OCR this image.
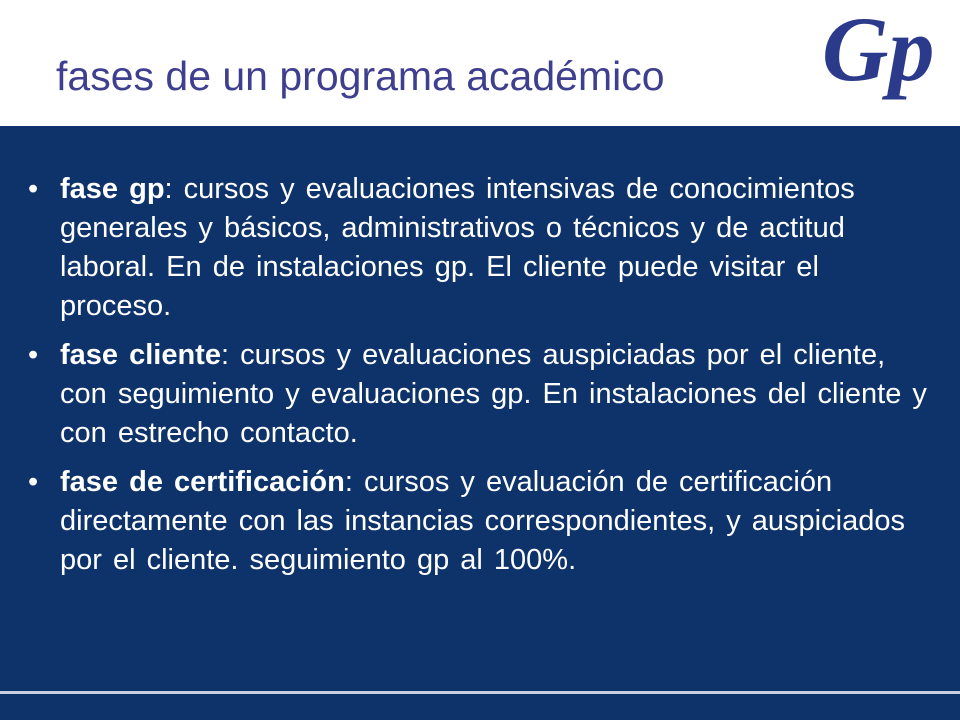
fases de un programa académico Gp
• fase gp: cursos y evaluaciones intensivas de conocimientos generales y básicos, administrativos o técnicos y de actitud laboral. En de instalaciones gp. El cliente puede visitar el proceso.
• fase cliente: cursos y evaluaciones auspiciadas por el cliente, con seguimiento y evaluaciones gp. En instalaciones del cliente y con estrecho contacto.
• fase de certificación: cursos y evaluación de certificación directamente con las instancias correspondientes, y auspiciados por el cliente. seguimiento gp al 100%.
